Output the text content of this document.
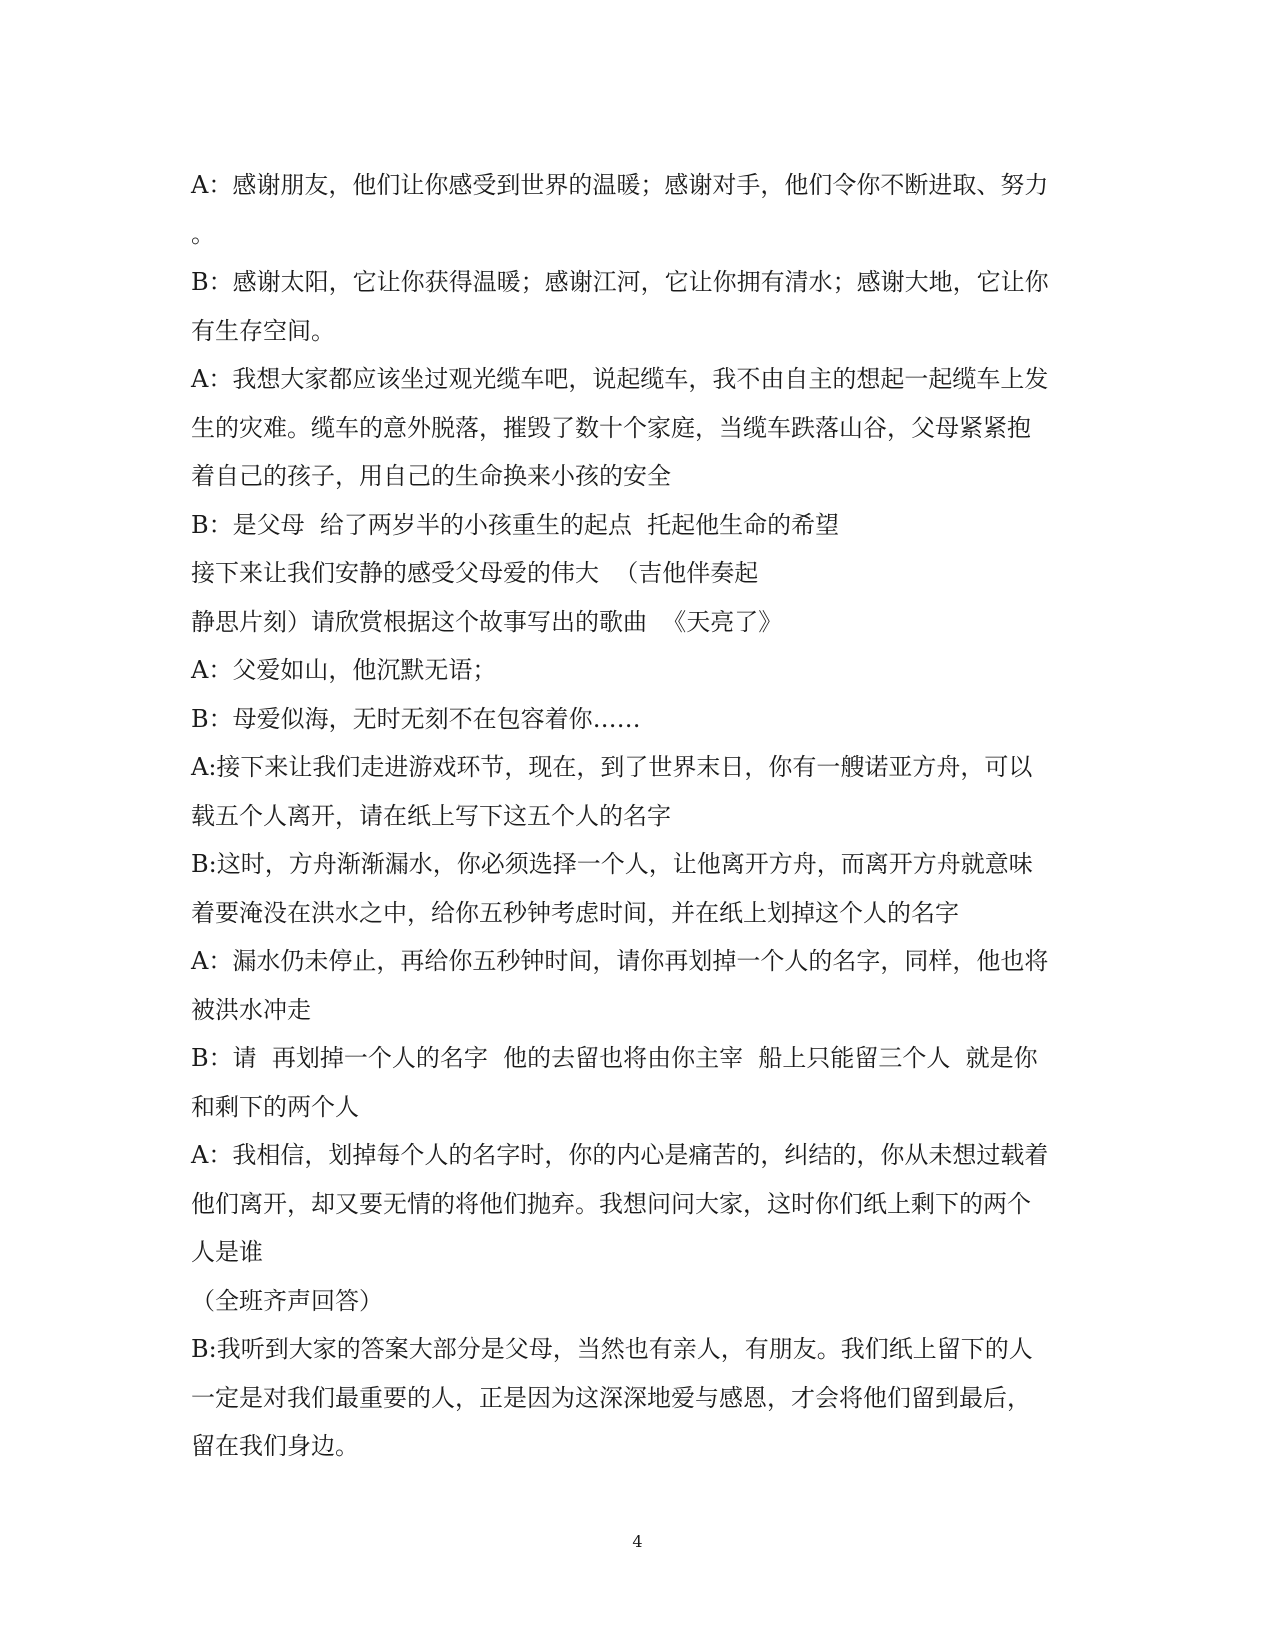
A：感谢朋友，他们让你感受到世界的温暖；感谢对手，他们令你不断进取、努力
。
B：感谢太阳，它让你获得温暖；感谢江河，它让你拥有清水；感谢大地，它让你
有生存空间。
A：我想大家都应该坐过观光缆车吧，说起缆车，我不由自主的想起一起缆车上发
生的灾难。缆车的意外脱落，摧毁了数十个家庭，当缆车跌落山谷，父母紧紧抱
着自己的孩子，用自己的生命换来小孩的安全
B：是父母  给了两岁半的小孩重生的起点  托起他生命的希望
接下来让我们安静的感受父母爱的伟大  （吉他伴奏起
静思片刻）请欣赏根据这个故事写出的歌曲  《天亮了》
A：父爱如山，他沉默无语；
B：母爱似海，无时无刻不在包容着你……
A:接下来让我们走进游戏环节，现在，到了世界末日，你有一艘诺亚方舟，可以
载五个人离开，请在纸上写下这五个人的名字
B:这时，方舟渐渐漏水，你必须选择一个人，让他离开方舟，而离开方舟就意味
着要淹没在洪水之中，给你五秒钟考虑时间，并在纸上划掉这个人的名字
A：漏水仍未停止，再给你五秒钟时间，请你再划掉一个人的名字，同样，他也将
被洪水冲走
B：请  再划掉一个人的名字  他的去留也将由你主宰  船上只能留三个人  就是你
和剩下的两个人
A：我相信，划掉每个人的名字时，你的内心是痛苦的，纠结的，你从未想过载着
他们离开，却又要无情的将他们抛弃。我想问问大家，这时你们纸上剩下的两个
人是谁
（全班齐声回答）
B:我听到大家的答案大部分是父母，当然也有亲人，有朋友。我们纸上留下的人
一定是对我们最重要的人，正是因为这深深地爱与感恩，才会将他们留到最后，
留在我们身边。
4
